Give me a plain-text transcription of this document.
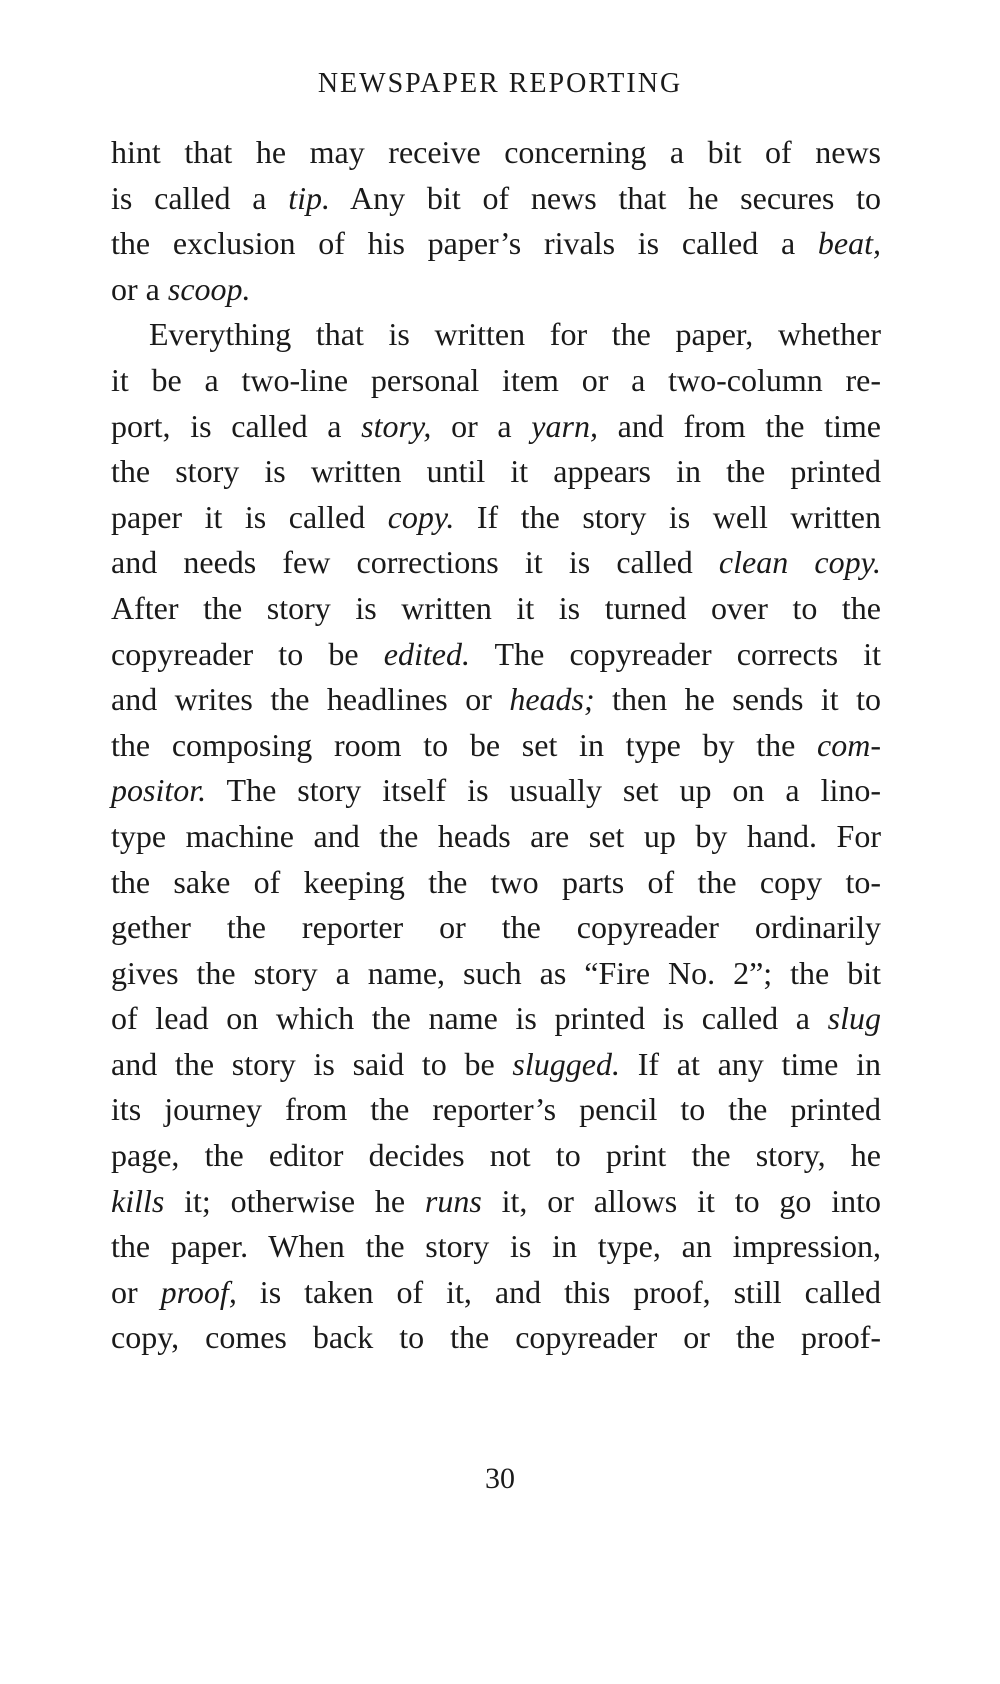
NEWSPAPER REPORTING
hint that he may receive concerning a bit of news
is called a tip. Any bit of news that he secures to
the exclusion of his paper’s rivals is called a beat,
or a scoop.
Everything that is written for the paper, whether
it be a two-line personal item or a two-column re-
port, is called a story, or a yarn, and from the time
the story is written until it appears in the printed
paper it is called copy. If the story is well written
and needs few corrections it is called clean copy.
After the story is written it is turned over to the
copyreader to be edited. The copyreader corrects it
and writes the headlines or heads; then he sends it to
the composing room to be set in type by the com-
positor. The story itself is usually set up on a lino-
type machine and the heads are set up by hand. For
the sake of keeping the two parts of the copy to-
gether the reporter or the copyreader ordinarily
gives the story a name, such as “Fire No. 2”; the bit
of lead on which the name is printed is called a slug
and the story is said to be slugged. If at any time in
its journey from the reporter’s pencil to the printed
page, the editor decides not to print the story, he
kills it; otherwise he runs it, or allows it to go into
the paper. When the story is in type, an impression,
or proof, is taken of it, and this proof, still called
copy, comes back to the copyreader or the proof-
30
